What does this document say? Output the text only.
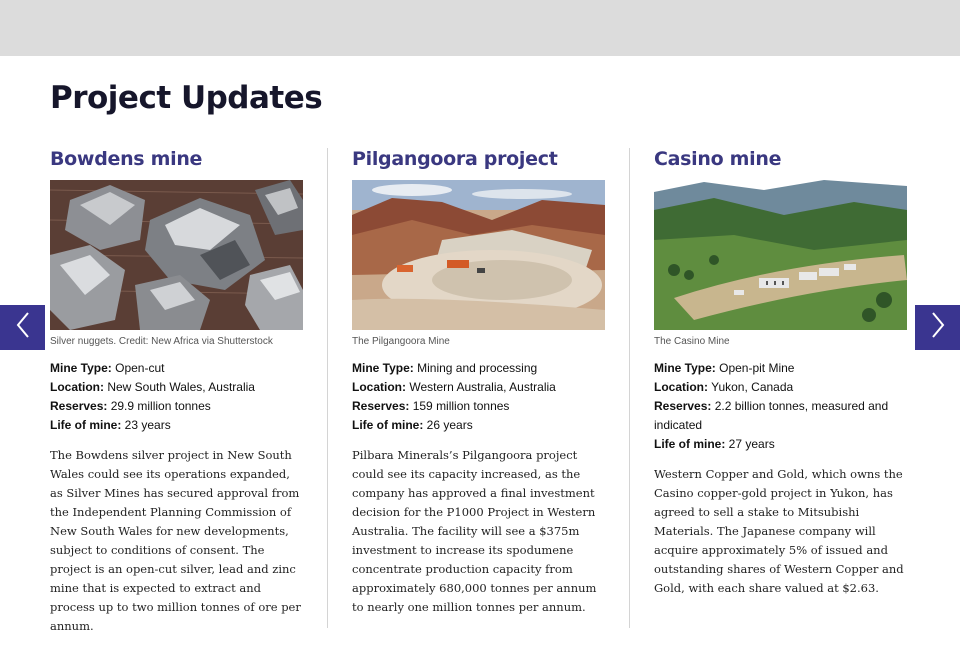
Project Updates
Bowdens mine
Silver nuggets. Credit: New Africa via Shutterstock
Mine Type: Open-cut
Location: New South Wales, Australia
Reserves: 29.9 million tonnes
Life of mine: 23 years
The Bowdens silver project in New South Wales could see its operations expanded, as Silver Mines has secured approval from the Independent Planning Commission of New South Wales for new developments, subject to conditions of consent. The project is an open-cut silver, lead and zinc mine that is expected to extract and process up to two million tonnes of ore per annum.
Pilgangoora project
The Pilgangoora Mine
Mine Type: Mining and processing
Location: Western Australia, Australia
Reserves: 159 million tonnes
Life of mine: 26 years
Pilbara Minerals’s Pilgangoora project could see its capacity increased, as the company has approved a final investment decision for the P1000 Project in Western Australia. The facility will see a $375m investment to increase its spodumene concentrate production capacity from approximately 680,000 tonnes per annum to nearly one million tonnes per annum.
Casino mine
The Casino Mine
Mine Type: Open-pit Mine
Location: Yukon, Canada
Reserves: 2.2 billion tonnes, measured and indicated
Life of mine: 27 years
Western Copper and Gold, which owns the Casino copper-gold project in Yukon, has agreed to sell a stake to Mitsubishi Materials. The Japanese company will acquire approximately 5% of issued and outstanding shares of Western Copper and Gold, with each share valued at $2.63.
